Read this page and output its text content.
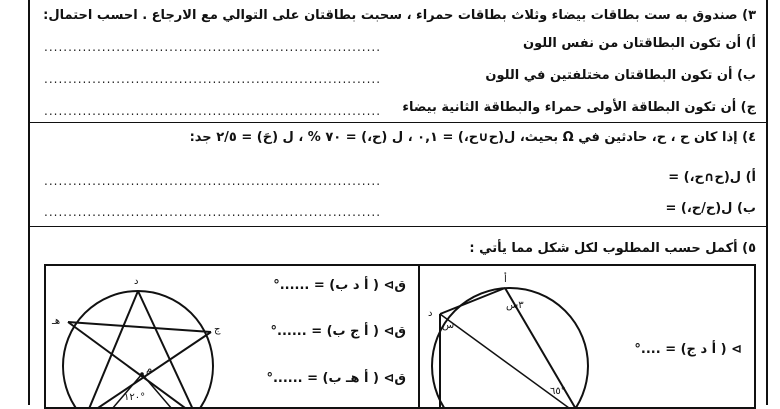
٣) صندوق به ست بطاقات بيضاء وثلاث بطاقات حمراء ، سحبت بطاقتان على التوالي مع الارجاع . احسب احتمال:
أ) أن تكون البطاقتان من نفس اللون
......................................................................
ب) أن تكون البطاقتان مختلفتين في اللون
......................................................................
ج) أن تكون البطاقة الأولى حمراء والبطاقة الثانية بيضاء
......................................................................
٤) إذا كان ح ، ح، حادثين في Ω بحيث، ل(ح∪ح،) = ٠,١ ، ل (ح،) = ٧٠ % ، ل (حَ) = ٢/٥ جد:
أ) ل(ح∩ح،) =
......................................................................
ب) ل(ح/ح،) =
......................................................................
٥) أكمل حسب المطلوب لكل شكل مما يأتي :
د
هـ
ج
م
١٢٠°
ق⊳ ( أ د ب) = ......°
ق⊳ ( أ ج ب) = ......°
ق⊳ ( أ هـ ب) = ......°
أ
د
٣س
س
٦٥°
⊳ ( أ د ج) = ....°
